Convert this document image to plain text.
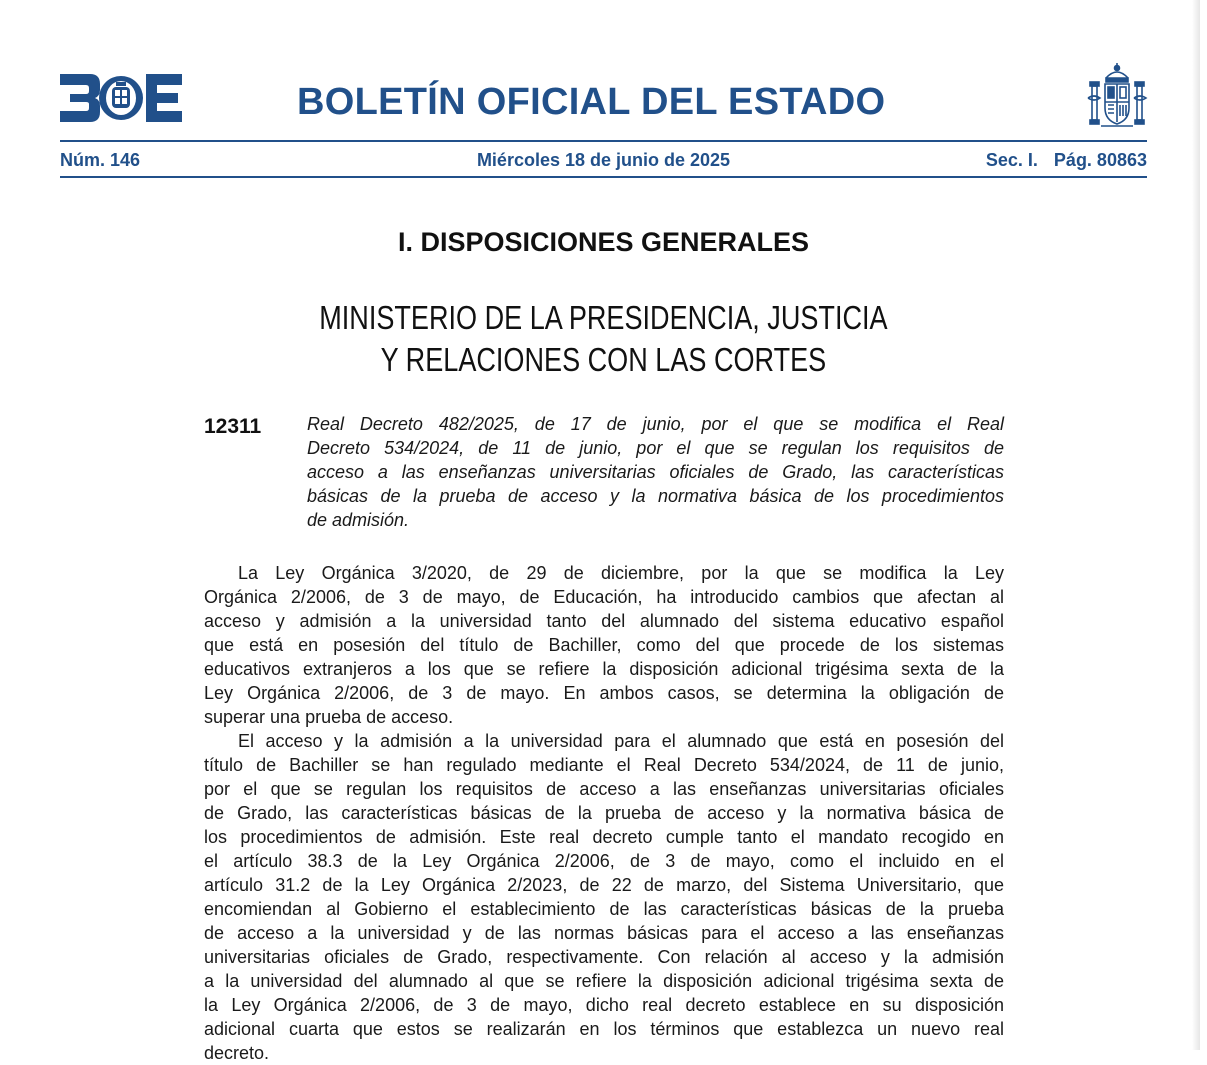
BOLETÍN OFICIAL DEL ESTADO
Núm. 146	Miércoles 18 de junio de 2025	Sec. I. Pág. 80863
I. DISPOSICIONES GENERALES
MINISTERIO DE LA PRESIDENCIA, JUSTICIA
Y RELACIONES CON LAS CORTES
12311	Real Decreto 482/2025, de 17 de junio, por el que se modifica el Real
Decreto 534/2024, de 11 de junio, por el que se regulan los requisitos de
acceso a las enseñanzas universitarias oficiales de Grado, las características
básicas de la prueba de acceso y la normativa básica de los procedimientos
de admisión.
La Ley Orgánica 3/2020, de 29 de diciembre, por la que se modifica la Ley
Orgánica 2/2006, de 3 de mayo, de Educación, ha introducido cambios que afectan al
acceso y admisión a la universidad tanto del alumnado del sistema educativo español
que está en posesión del título de Bachiller, como del que procede de los sistemas
educativos extranjeros a los que se refiere la disposición adicional trigésima sexta de la
Ley Orgánica 2/2006, de 3 de mayo. En ambos casos, se determina la obligación de
superar una prueba de acceso.
El acceso y la admisión a la universidad para el alumnado que está en posesión del
título de Bachiller se han regulado mediante el Real Decreto 534/2024, de 11 de junio,
por el que se regulan los requisitos de acceso a las enseñanzas universitarias oficiales
de Grado, las características básicas de la prueba de acceso y la normativa básica de
los procedimientos de admisión. Este real decreto cumple tanto el mandato recogido en
el artículo 38.3 de la Ley Orgánica 2/2006, de 3 de mayo, como el incluido en el
artículo 31.2 de la Ley Orgánica 2/2023, de 22 de marzo, del Sistema Universitario, que
encomiendan al Gobierno el establecimiento de las características básicas de la prueba
de acceso a la universidad y de las normas básicas para el acceso a las enseñanzas
universitarias oficiales de Grado, respectivamente. Con relación al acceso y la admisión
a la universidad del alumnado al que se refiere la disposición adicional trigésima sexta de
la Ley Orgánica 2/2006, de 3 de mayo, dicho real decreto establece en su disposición
adicional cuarta que estos se realizarán en los términos que establezca un nuevo real
decreto.
